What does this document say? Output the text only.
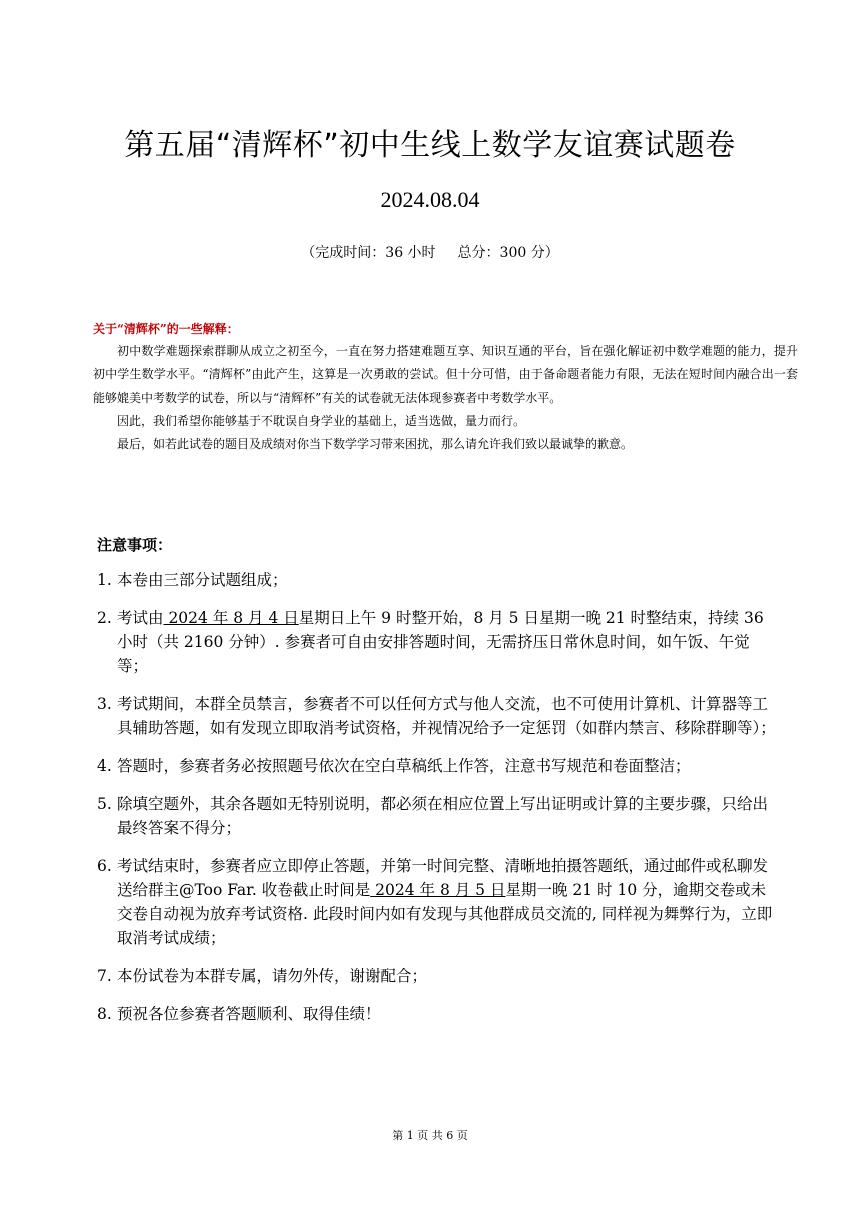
第五届“清辉杯”初中生线上数学友谊赛试题卷
2024.08.04
（完成时间：36 小时 总分：300 分）
关于“清辉杯”的一些解释：

初中数学难题探索群聊从成立之初至今，一直在努力搭建难题互享、知识互通的平台，旨在强化解证初中数学难题的能力，提升初中学生数学水平。“清辉杯”由此产生，这算是一次勇敢的尝试。但十分可惜，由于备命题者能力有限，无法在短时间内融合出一套能够媲美中考数学的试卷，所以与“清辉杯”有关的试卷就无法体现参赛者中考数学水平。

因此，我们希望你能够基于不耽误自身学业的基础上，适当选做，量力而行。

最后，如若此试卷的题目及成绩对你当下数学学习带来困扰，那么请允许我们致以最诚挚的歉意。

注意事项：
1. 本卷由三部分试题组成；
2. 考试由 2024 年 8 月 4 日星期日上午 9 时整开始，8 月 5 日星期一晚 21 时整结束，持续 36 小时（共 2160 分钟）. 参赛者可自由安排答题时间，无需挤压日常休息时间，如午饭、午觉等；
3. 考试期间，本群全员禁言，参赛者不可以任何方式与他人交流，也不可使用计算机、计算器等工具辅助答题，如有发现立即取消考试资格，并视情况给予一定惩罚（如群内禁言、移除群聊等）；
4. 答题时，参赛者务必按照题号依次在空白草稿纸上作答，注意书写规范和卷面整洁；
5. 除填空题外，其余各题如无特别说明，都必须在相应位置上写出证明或计算的主要步骤，只给出最终答案不得分；
6. 考试结束时，参赛者应立即停止答题，并第一时间完整、清晰地拍摄答题纸，通过邮件或私聊发送给群主@Too Far. 收卷截止时间是 2024 年 8 月 5 日星期一晚 21 时 10 分，逾期交卷或未交卷自动视为放弃考试资格. 此段时间内如有发现与其他群成员交流的, 同样视为舞弊行为，立即取消考试成绩；
7. 本份试卷为本群专属，请勿外传，谢谢配合；
8. 预祝各位参赛者答题顺利、取得佳绩！
第 1 页 共 6 页
